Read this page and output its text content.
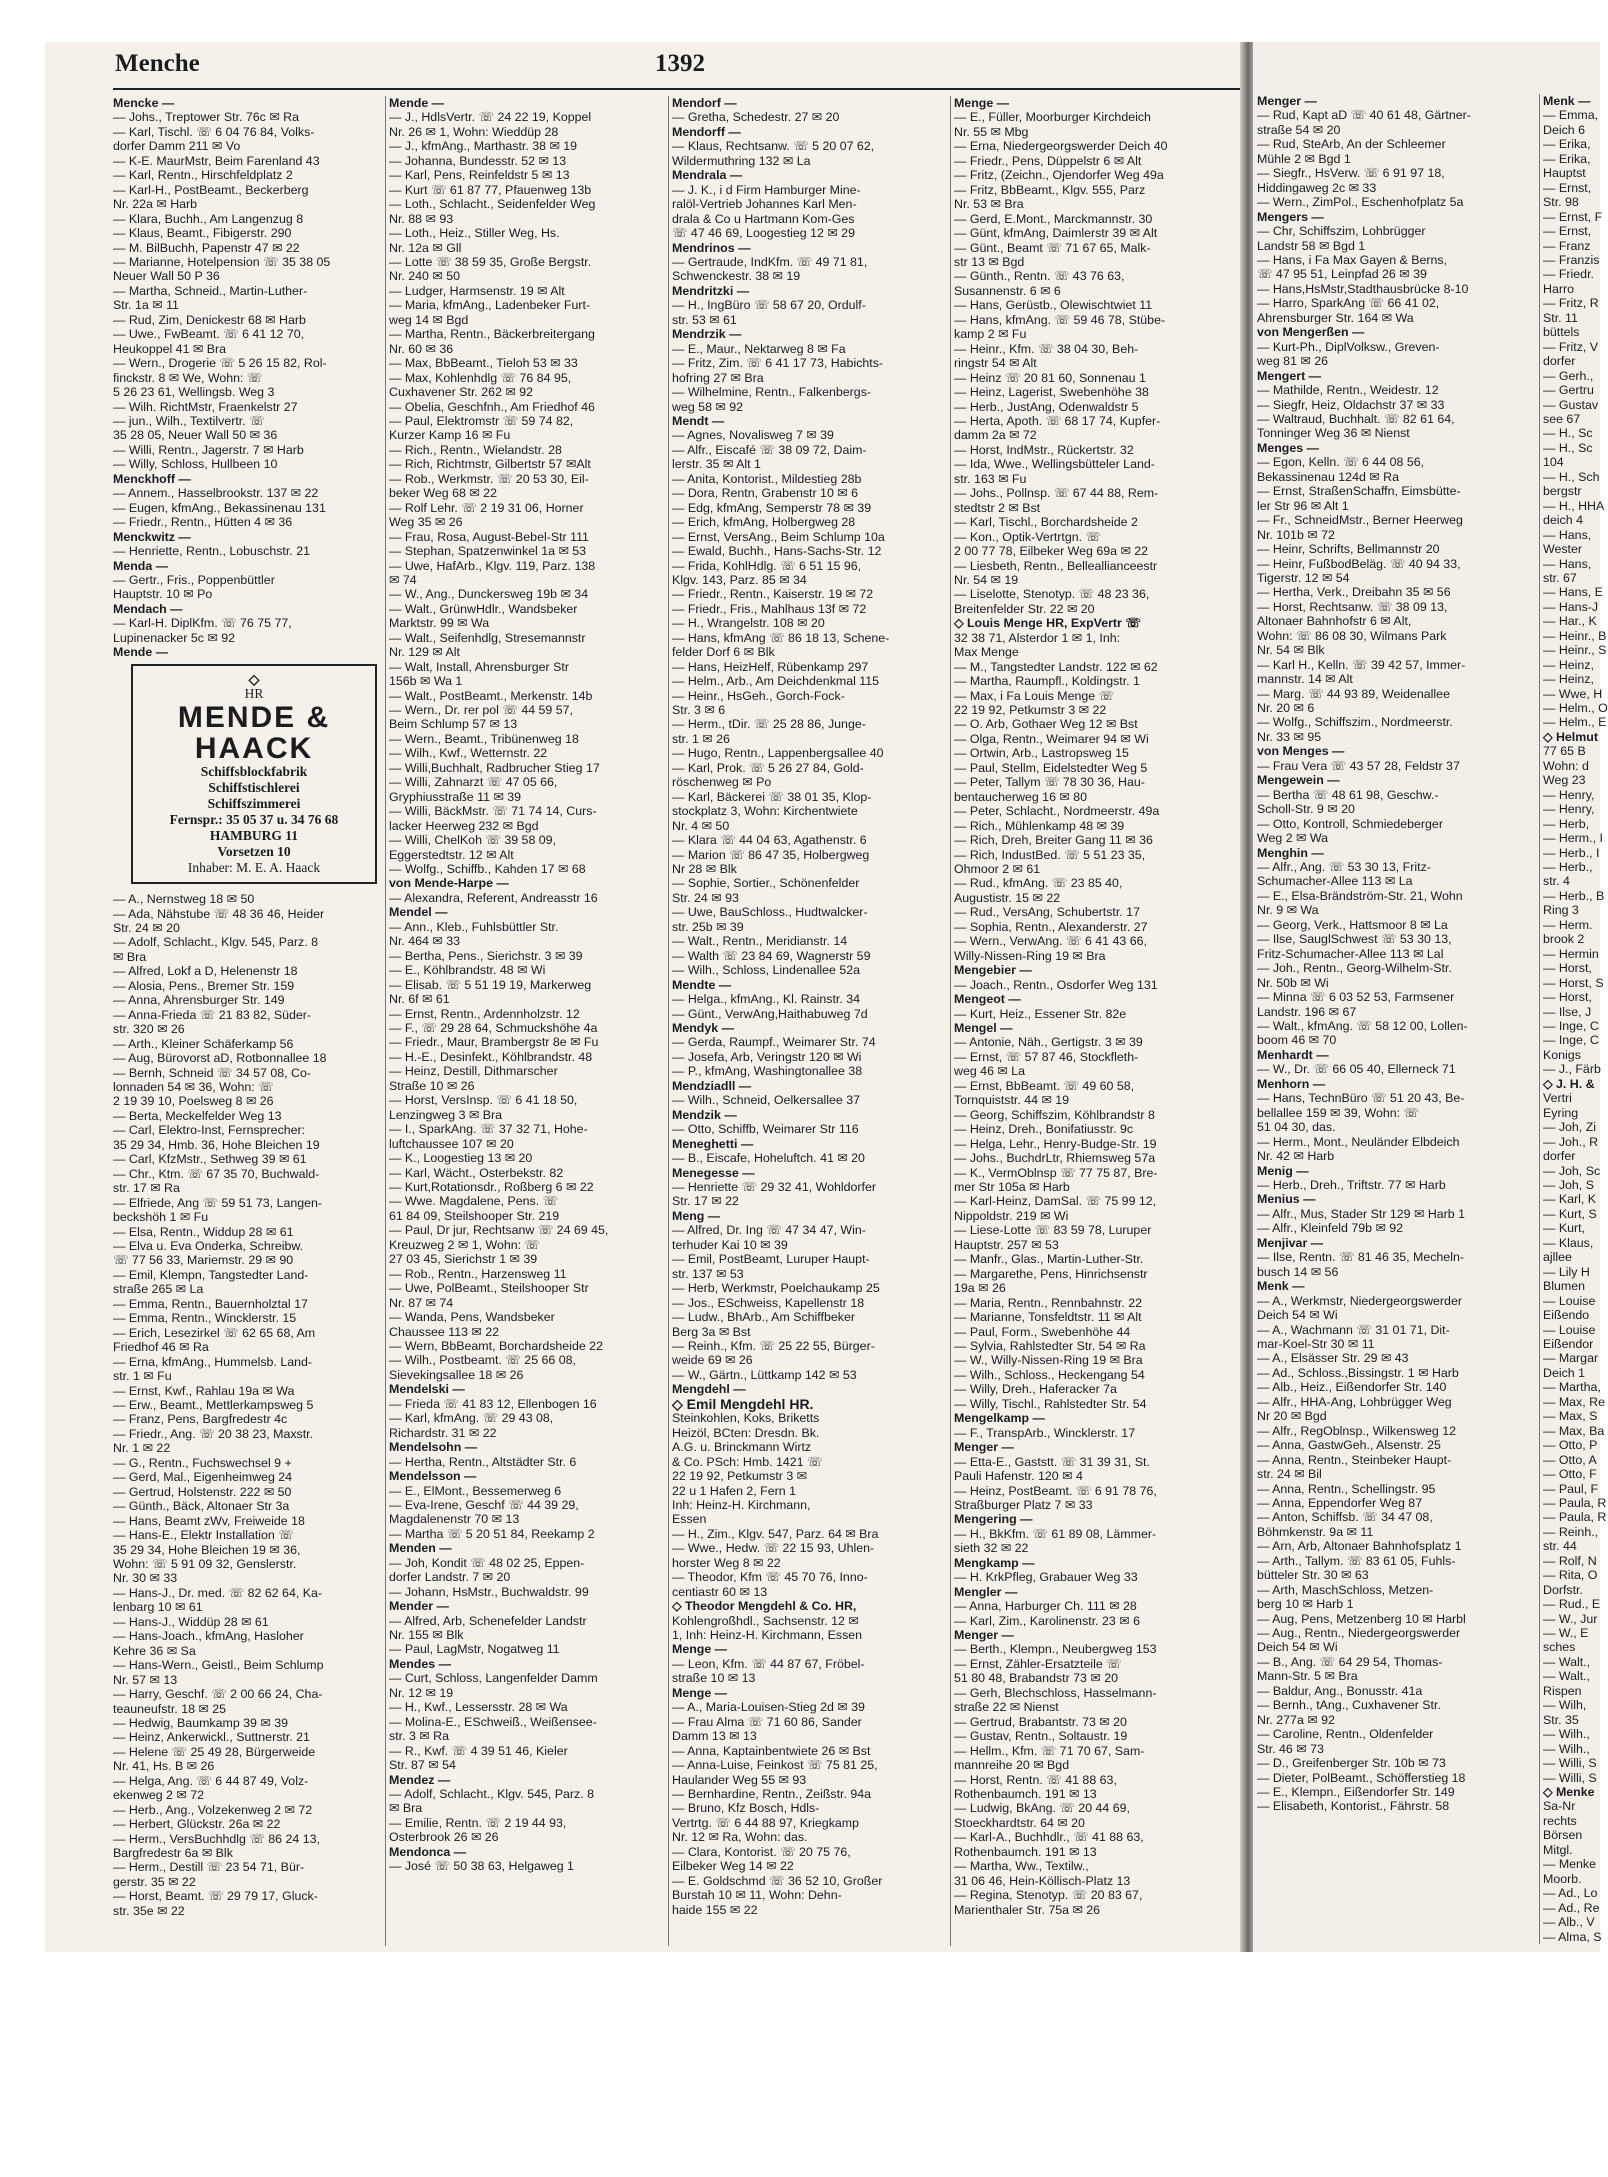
Menche	1392
Mencke —
— Johs., Treptower Str. 76c ✉ Ra
— Karl, Tischl. ☏ 6 04 76 84, Volks-
dorfer Damm 211 ✉ Vo
— K-E. MaurMstr, Beim Farenland 43
— Karl, Rentn., Hirschfeldplatz 2
— Karl-H., PostBeamt., Beckerberg
Nr. 22a ✉ Harb
— Klara, Buchh., Am Langenzug 8
— Klaus, Beamt., Fibigerstr. 290
— M. BilBuchh, Papenstr 47 ✉ 22
— Marianne, Hotelpension ☏ 35 38 05
Neuer Wall 50 P 36
— Martha, Schneid., Martin-Luther-
Str. 1a ✉ 11
— Rud, Zim, Denickestr 68 ✉ Harb
— Uwe., FwBeamt. ☏ 6 41 12 70,
Heukoppel 41 ✉ Bra
— Wern., Drogerie ☏ 5 26 15 82, Rol-
finckstr. 8 ✉ We, Wohn: ☏
5 26 23 61, Wellingsb. Weg 3
— Wilh. RichtMstr, Fraenkelstr 27
— jun., Wilh., Textilvertr. ☏
35 28 05, Neuer Wall 50 ✉ 36
— Willi, Rentn., Jagerstr. 7 ✉ Harb
— Willy, Schloss, Hullbeen 10
Menckhoff —
— Annem., Hasselbrookstr. 137 ✉ 22
— Eugen, kfmAng., Bekassinenau 131
— Friedr., Rentn., Hütten 4 ✉ 36
Menckwitz —
— Henriette, Rentn., Lobuschstr. 21
Menda —
— Gertr., Fris., Poppenbüttler
Hauptstr. 10 ✉ Po
Mendach —
— Karl-H. DiplKfm. ☏ 76 75 77,
Lupinenacker 5c ✉ 92
Mende —
◇
HR
MENDE &
HAACK
Schiffsblockfabrik
Schiffstischlerei
Schiffszimmerei
Fernspr.: 35 05 37 u. 34 76 68
HAMBURG 11
Vorsetzen 10
Inhaber: M. E. A. Haack
— A., Nernstweg 18 ✉ 50
— Ada, Nähstube ☏ 48 36 46, Heider
Str. 24 ✉ 20
— Adolf, Schlacht., Klgv. 545, Parz. 8
✉ Bra
— Alfred, Lokf a D, Helenenstr 18
— Alosia, Pens., Bremer Str. 159
— Anna, Ahrensburger Str. 149
— Anna-Frieda ☏ 21 83 82, Süder-
str. 320 ✉ 26
— Arth., Kleiner Schäferkamp 56
— Aug, Bürovorst aD, Rotbonnallee 18
— Bernh, Schneid ☏ 34 57 08, Co-
lonnaden 54 ✉ 36, Wohn: ☏
2 19 39 10, Poelsweg 8 ✉ 26
— Berta, Meckelfelder Weg 13
— Carl, Elektro-Inst, Fernsprecher:
35 29 34, Hmb. 36, Hohe Bleichen 19
— Carl, KfzMstr., Sethweg 39 ✉ 61
— Chr., Ktm. ☏ 67 35 70, Buchwald-
str. 17 ✉ Ra
— Elfriede, Ang ☏ 59 51 73, Langen-
beckshöh 1 ✉ Fu
— Elsa, Rentn., Widdup 28 ✉ 61
— Elva u. Eva Onderka, Schreibw.
☏ 77 56 33, Mariemstr. 29 ✉ 90
— Emil, Klempn, Tangstedter Land-
straße 265 ✉ La
— Emma, Rentn., Bauernholztal 17
— Emma, Rentn., Wincklerstr. 15
— Erich, Lesezirkel ☏ 62 65 68, Am
Friedhof 46 ✉ Ra
— Erna, kfmAng., Hummelsb. Land-
str. 1 ✉ Fu
— Ernst, Kwf., Rahlau 19a ✉ Wa
— Erw., Beamt., Mettlerkampsweg 5
— Franz, Pens, Bargfredestr 4c
— Friedr., Ang. ☏ 20 38 23, Maxstr.
Nr. 1 ✉ 22
— G., Rentn., Fuchswechsel 9 +
— Gerd, Mal., Eigenheimweg 24
— Gertrud, Holstenstr. 222 ✉ 50
— Günth., Bäck, Altonaer Str 3a
— Hans, Beamt zWv, Freiweide 18
— Hans-E., Elektr Installation ☏
35 29 34, Hohe Bleichen 19 ✉ 36,
Wohn: ☏ 5 91 09 32, Genslerstr.
Nr. 30 ✉ 33
— Hans-J., Dr. med. ☏ 82 62 64, Ka-
lenbarg 10 ✉ 61
— Hans-J., Widdüp 28 ✉ 61
— Hans-Joach., kfmAng, Hasloher
Kehre 36 ✉ Sa
— Hans-Wern., Geistl., Beim Schlump
Nr. 57 ✉ 13
— Harry, Geschf. ☏ 2 00 66 24, Cha-
teauneufstr. 18 ✉ 25
— Hedwig, Baumkamp 39 ✉ 39
— Heinz, Ankerwickl., Suttnerstr. 21
— Helene ☏ 25 49 28, Bürgerweide
Nr. 41, Hs. B ✉ 26
— Helga, Ang. ☏ 6 44 87 49, Volz-
ekenweg 2 ✉ 72
— Herb., Ang., Volzekenweg 2 ✉ 72
— Herbert, Glückstr. 26a ✉ 22
— Herm., VersBuchhdlg ☏ 86 24 13,
Bargfredestr 6a ✉ Blk
— Herm., Destill ☏ 23 54 71, Bür-
gerstr. 35 ✉ 22
— Horst, Beamt. ☏ 29 79 17, Gluck-
str. 35e ✉ 22
Mende —
— J., HdlsVertr. ☏ 24 22 19, Koppel
Nr. 26 ✉ 1, Wohn: Wieddüp 28
— J., kfmAng., Marthastr. 38 ✉ 19
— Johanna, Bundesstr. 52 ✉ 13
— Karl, Pens, Reinfeldstr 5 ✉ 13
— Kurt ☏ 61 87 77, Pfauenweg 13b
— Loth., Schlacht., Seidenfelder Weg
Nr. 88 ✉ 93
— Loth., Heiz., Stiller Weg, Hs.
Nr. 12a ✉ Gll
— Lotte ☏ 38 59 35, Große Bergstr.
Nr. 240 ✉ 50
— Ludger, Harmsenstr. 19 ✉ Alt
— Maria, kfmAng., Ladenbeker Furt-
weg 14 ✉ Bgd
— Martha, Rentn., Bäckerbreitergang
Nr. 60 ✉ 36
— Max, BbBeamt., Tieloh 53 ✉ 33
— Max, Kohlenhdlg ☏ 76 84 95,
Cuxhavener Str. 262 ✉ 92
— Obelia, Geschfnh., Am Friedhof 46
— Paul, Elektromstr ☏ 59 74 82,
Kurzer Kamp 16 ✉ Fu
— Rich., Rentn., Wielandstr. 28
— Rich, Richtmstr, Gilbertstr 57 ✉Alt
— Rob., Werkmstr. ☏ 20 53 30, Eil-
beker Weg 68 ✉ 22
— Rolf Lehr. ☏ 2 19 31 06, Horner
Weg 35 ✉ 26
— Frau, Rosa, August-Bebel-Str 111
— Stephan, Spatzenwinkel 1a ✉ 53
— Uwe, HafArb., Klgv. 119, Parz. 138
✉ 74
— W., Ang., Dunckersweg 19b ✉ 34
— Walt., GrünwHdlr., Wandsbeker
Marktstr. 99 ✉ Wa
— Walt., Seifenhdlg, Stresemannstr
Nr. 129 ✉ Alt
— Walt, Install, Ahrensburger Str
156b ✉ Wa 1
— Walt., PostBeamt., Merkenstr. 14b
— Wern., Dr. rer pol ☏ 44 59 57,
Beim Schlump 57 ✉ 13
— Wern., Beamt., Tribünenweg 18
— Wilh., Kwf., Wetternstr. 22
— Willi,Buchhalt, Radbrucher Stieg 17
— Willi, Zahnarzt ☏ 47 05 66,
Gryphiusstraße 11 ✉ 39
— Willi, BäckMstr. ☏ 71 74 14, Curs-
lacker Heerweg 232 ✉ Bgd
— Willi, ChelKoh ☏ 39 58 09,
Eggerstedtstr. 12 ✉ Alt
— Wolfg., Schiffb., Kahden 17 ✉ 68
von Mende-Harpe —
— Alexandra, Referent, Andreasstr 16
Mendel —
— Ann., Kleb., Fuhlsbüttler Str.
Nr. 464 ✉ 33
— Bertha, Pens., Sierichstr. 3 ✉ 39
— E., Köhlbrandstr. 48 ✉ Wi
— Elisab. ☏ 5 51 19 19, Markerweg
Nr. 6f ✉ 61
— Ernst, Rentn., Ardennholzstr. 12
— F., ☏ 29 28 64, Schmuckshöhe 4a
— Friedr., Maur, Brambergstr 8e ✉ Fu
— H.-E., Desinfekt., Köhlbrandstr. 48
— Heinz, Destill, Dithmarscher
Straße 10 ✉ 26
— Horst, VersInsp. ☏ 6 41 18 50,
Lenzingweg 3 ✉ Bra
— I., SparkAng. ☏ 37 32 71, Hohe-
luftchaussee 107 ✉ 20
— K., Loogestieg 13 ✉ 20
— Karl, Wächt., Osterbekstr. 82
— Kurt,Rotationsdr., Roßberg 6 ✉ 22
— Wwe. Magdalene, Pens. ☏
61 84 09, Steilshooper Str. 219
— Paul, Dr jur, Rechtsanw ☏ 24 69 45,
Kreuzweg 2 ✉ 1, Wohn: ☏
27 03 45, Sierichstr 1 ✉ 39
— Rob., Rentn., Harzensweg 11
— Uwe, PolBeamt., Steilshooper Str
Nr. 87 ✉ 74
— Wanda, Pens, Wandsbeker
Chaussee 113 ✉ 22
— Wern, BbBeamt, Borchardsheide 22
— Wilh., Postbeamt. ☏ 25 66 08,
Sievekingsallee 18 ✉ 26
Mendelski —
— Frieda ☏ 41 83 12, Ellenbogen 16
— Karl, kfmAng. ☏ 29 43 08,
Richardstr. 31 ✉ 22
Mendelsohn —
— Hertha, Rentn., Altstädter Str. 6
Mendelsson —
— E., ElMont., Bessemerweg 6
— Eva-Irene, Geschf ☏ 44 39 29,
Magdalenenstr 70 ✉ 13
— Martha ☏ 5 20 51 84, Reekamp 2
Menden —
— Joh, Kondit ☏ 48 02 25, Eppen-
dorfer Landstr. 7 ✉ 20
— Johann, HsMstr., Buchwaldstr. 99
Mender —
— Alfred, Arb, Schenefelder Landstr
Nr. 155 ✉ Blk
— Paul, LagMstr, Nogatweg 11
Mendes —
— Curt, Schloss, Langenfelder Damm
Nr. 12 ✉ 19
— H., Kwf., Lessersstr. 28 ✉ Wa
— Molina-E., ESchweiß., Weißensee-
str. 3 ✉ Ra
— R., Kwf. ☏ 4 39 51 46, Kieler
Str. 87 ✉ 54
Mendez —
— Adolf, Schlacht., Klgv. 545, Parz. 8
✉ Bra
— Emilie, Rentn. ☏ 2 19 44 93,
Osterbrook 26 ✉ 26
Mendonca —
— José ☏ 50 38 63, Helgaweg 1
Mendorf —
— Gretha, Schedestr. 27 ✉ 20
Mendorff —
— Klaus, Rechtsanw. ☏ 5 20 07 62,
Wildermuthring 132 ✉ La
Mendrala —
— J. K., i d Firm Hamburger Mine-
ralöl-Vertrieb Johannes Karl Men-
drala & Co u Hartmann Kom-Ges
☏ 47 46 69, Loogestieg 12 ✉ 29
Mendrinos —
— Gertraude, IndKfm. ☏ 49 71 81,
Schwenckestr. 38 ✉ 19
Mendritzki —
— H., IngBüro ☏ 58 67 20, Ordulf-
str. 53 ✉ 61
Mendrzik —
— E., Maur., Nektarweg 8 ✉ Fa
— Fritz, Zim. ☏ 6 41 17 73, Habichts-
hofring 27 ✉ Bra
— Wilhelmine, Rentn., Falkenbergs-
weg 58 ✉ 92
Mendt —
— Agnes, Novalisweg 7 ✉ 39
— Alfr., Eiscafé ☏ 38 09 72, Daim-
lerstr. 35 ✉ Alt 1
— Anita, Kontorist., Mildestieg 28b
— Dora, Rentn, Grabenstr 10 ✉ 6
— Edg, kfmAng, Semperstr 78 ✉ 39
— Erich, kfmAng, Holbergweg 28
— Ernst, VersAng., Beim Schlump 10a
— Ewald, Buchh., Hans-Sachs-Str. 12
— Frida, KohlHdlg. ☏ 6 51 15 96,
Klgv. 143, Parz. 85 ✉ 34
— Friedr., Rentn., Kaiserstr. 19 ✉ 72
— Friedr., Fris., Mahlhaus 13f ✉ 72
— H., Wrangelstr. 108 ✉ 20
— Hans, kfmAng ☏ 86 18 13, Schene-
felder Dorf 6 ✉ Blk
— Hans, HeizHelf, Rübenkamp 297
— Helm., Arb., Am Deichdenkmal 115
— Heinr., HsGeh., Gorch-Fock-
Str. 3 ✉ 6
— Herm., tDir. ☏ 25 28 86, Junge-
str. 1 ✉ 26
— Hugo, Rentn., Lappenbergsallee 40
— Karl, Prok. ☏ 5 26 27 84, Gold-
röschenweg ✉ Po
— Karl, Bäckerei ☏ 38 01 35, Klop-
stockplatz 3, Wohn: Kirchentwiete
Nr. 4 ✉ 50
— Klara ☏ 44 04 63, Agathenstr. 6
— Marion ☏ 86 47 35, Holbergweg
Nr 28 ✉ Blk
— Sophie, Sortier., Schönenfelder
Str. 24 ✉ 93
— Uwe, BauSchloss., Hudtwalcker-
str. 25b ✉ 39
— Walt., Rentn., Meridianstr. 14
— Walth ☏ 23 84 69, Wagnerstr 59
— Wilh., Schloss, Lindenallee 52a
Mendte —
— Helga., kfmAng., Kl. Rainstr. 34
— Günt., VerwAng,Haithabuweg 7d
Mendyk —
— Gerda, Raumpf., Weimarer Str. 74
— Josefa, Arb, Veringstr 120 ✉ Wi
— P., kfmAng, Washingtonallee 38
Mendziadll —
— Wilh., Schneid, Oelkersallee 37
Mendzik —
— Otto, Schiffb, Weimarer Str 116
Meneghetti —
— B., Eiscafe, Hoheluftch. 41 ✉ 20
Menegesse —
— Henriette ☏ 29 32 41, Wohldorfer
Str. 17 ✉ 22
Meng —
— Alfred, Dr. Ing ☏ 47 34 47, Win-
terhuder Kai 10 ✉ 39
— Emil, PostBeamt, Luruper Haupt-
str. 137 ✉ 53
— Herb, Werkmstr, Poelchaukamp 25
— Jos., ESchweiss, Kapellenstr 18
— Ludw., BhArb., Am Schiffbeker
Berg 3a ✉ Bst
— Reinh., Kfm. ☏ 25 22 55, Bürger-
weide 69 ✉ 26
— W., Gärtn., Lüttkamp 142 ✉ 53
Mengdehl —
◇ Emil Mengdehl HR.
Steinkohlen, Koks, Briketts
Heizöl, BCten: Dresdn. Bk.
A.G. u. Brinckmann Wirtz
& Co. PSch: Hmb. 1421 ☏
22 19 92, Petkumstr 3 ✉
22 u 1 Hafen 2, Fern 1
Inh: Heinz-H. Kirchmann,
Essen
— H., Zim., Klgv. 547, Parz. 64 ✉ Bra
— Wwe., Hedw. ☏ 22 15 93, Uhlen-
horster Weg 8 ✉ 22
— Theodor, Kfm ☏ 45 70 76, Inno-
centiastr 60 ✉ 13
◇ Theodor Mengdehl & Co. HR,
Kohlengroßhdl., Sachsenstr. 12 ✉
1, Inh: Heinz-H. Kirchmann, Essen
Menge —
— Leon, Kfm. ☏ 44 87 67, Fröbel-
straße 10 ✉ 13
Menge —
— A., Maria-Louisen-Stieg 2d ✉ 39
— Frau Alma ☏ 71 60 86, Sander
Damm 13 ✉ 13
— Anna, Kaptainbentwiete 26 ✉ Bst
— Anna-Luise, Feinkost ☏ 75 81 25,
Haulander Weg 55 ✉ 93
— Bernhardine, Rentn., Zeißstr. 94a
— Bruno, Kfz Bosch, Hdls-
Vertrtg. ☏ 6 44 88 97, Kriegkamp
Nr. 12 ✉ Ra, Wohn: das.
— Clara, Kontorist. ☏ 20 75 76,
Eilbeker Weg 14 ✉ 22
— E. Goldschmd ☏ 36 52 10, Großer
Burstah 10 ✉ 11, Wohn: Dehn-
haide 155 ✉ 22
Menge —
— E., Füller, Moorburger Kirchdeich
Nr. 55 ✉ Mbg
— Erna, Niedergeorgswerder Deich 40
— Friedr., Pens, Düppelstr 6 ✉ Alt
— Fritz, (Zeichn., Ojendorfer Weg 49a
— Fritz, BbBeamt., Klgv. 555, Parz
Nr. 53 ✉ Bra
— Gerd, E.Mont., Marckmannstr. 30
— Günt, kfmAng, Daimlerstr 39 ✉ Alt
— Günt., Beamt ☏ 71 67 65, Malk-
str 13 ✉ Bgd
— Günth., Rentn. ☏ 43 76 63,
Susannenstr. 6 ✉ 6
— Hans, Gerüstb., Olewischtwiet 11
— Hans, kfmAng. ☏ 59 46 78, Stübe-
kamp 2 ✉ Fu
— Heinr., Kfm. ☏ 38 04 30, Beh-
ringstr 54 ✉ Alt
— Heinz ☏ 20 81 60, Sonnenau 1
— Heinz, Lagerist, Swebenhöhe 38
— Herb., JustAng, Odenwaldstr 5
— Herta, Apoth. ☏ 68 17 74, Kupfer-
damm 2a ✉ 72
— Horst, IndMstr., Rückertstr. 32
— Ida, Wwe., Wellingsbütteler Land-
str. 163 ✉ Fu
— Johs., Pollnsp. ☏ 67 44 88, Rem-
stedtstr 2 ✉ Bst
— Karl, Tischl., Borchardsheide 2
— Kon., Optik-Vertrtgn. ☏
2 00 77 78, Eilbeker Weg 69a ✉ 22
— Liesbeth, Rentn., Belleallianceestr
Nr. 54 ✉ 19
— Liselotte, Stenotyp. ☏ 48 23 36,
Breitenfelder Str. 22 ✉ 20
◇ Louis Menge HR, ExpVertr ☏
32 38 71, Alsterdor 1 ✉ 1, Inh:
Max Menge
— M., Tangstedter Landstr. 122 ✉ 62
— Martha, Raumpfl., Koldingstr. 1
— Max, i Fa Louis Menge ☏
22 19 92, Petkumstr 3 ✉ 22
— O. Arb, Gothaer Weg 12 ✉ Bst
— Olga, Rentn., Weimarer 94 ✉ Wi
— Ortwin, Arb., Lastropsweg 15
— Paul, Stellm, Eidelstedter Weg 5
— Peter, Tallym ☏ 78 30 36, Hau-
bentaucherweg 16 ✉ 80
— Peter, Schlacht., Nordmeerstr. 49a
— Rich., Mühlenkamp 48 ✉ 39
— Rich, Dreh, Breiter Gang 11 ✉ 36
— Rich, IndustBed. ☏ 5 51 23 35,
Ohmoor 2 ✉ 61
— Rud., kfmAng. ☏ 23 85 40,
Augustistr. 15 ✉ 22
— Rud., VersAng, Schubertstr. 17
— Sophia, Rentn., Alexanderstr. 27
— Wern., VerwAng. ☏ 6 41 43 66,
Willy-Nissen-Ring 19 ✉ Bra
Mengebier —
— Joach., Rentn., Osdorfer Weg 131
Mengeot —
— Kurt, Heiz., Essener Str. 82e
Mengel —
— Antonie, Näh., Gertigstr. 3 ✉ 39
— Ernst, ☏ 57 87 46, Stockfleth-
weg 46 ✉ La
— Ernst, BbBeamt. ☏ 49 60 58,
Tornquiststr. 44 ✉ 19
— Georg, Schiffszim, Köhlbrandstr 8
— Heinz, Dreh., Bonifatiusstr. 9c
— Helga, Lehr., Henry-Budge-Str. 19
— Johs., BuchdrLtr, Rhiemsweg 57a
— K., VermOblnsp ☏ 77 75 87, Bre-
mer Str 105a ✉ Harb
— Karl-Heinz, DamSal. ☏ 75 99 12,
Nippoldstr. 219 ✉ Wi
— Liese-Lotte ☏ 83 59 78, Luruper
Hauptstr. 257 ✉ 53
— Manfr., Glas., Martin-Luther-Str.
— Margarethe, Pens, Hinrichsenstr
19a ✉ 26
— Maria, Rentn., Rennbahnstr. 22
— Marianne, Tonsfeldtstr. 11 ✉ Alt
— Paul, Form., Swebenhöhe 44
— Sylvia, Rahlstedter Str. 54 ✉ Ra
— W., Willy-Nissen-Ring 19 ✉ Bra
— Wilh., Schloss., Heckengang 54
— Willy, Dreh., Haferacker 7a
— Willy, Tischl., Rahlstedter Str. 54
Mengelkamp —
— F., TranspArb., Wincklerstr. 17
Menger —
— Etta-E., Gaststt. ☏ 31 39 31, St.
Pauli Hafenstr. 120 ✉ 4
— Heinz, PostBeamt. ☏ 6 91 78 76,
Straßburger Platz 7 ✉ 33
Mengering —
— H., BkKfm. ☏ 61 89 08, Lämmer-
sieth 32 ✉ 22
Mengkamp —
— H. KrkPfleg, Grabauer Weg 33
Mengler —
— Anna, Harburger Ch. 111 ✉ 28
— Karl, Zim., Karolinenstr. 23 ✉ 6
Menger —
— Berth., Klempn., Neubergweg 153
— Ernst, Zähler-Ersatzteile ☏
51 80 48, Brabandstr 73 ✉ 20
— Gerh, Blechschloss, Hasselmann-
straße 22 ✉ Nienst
— Gertrud, Brabantstr. 73 ✉ 20
— Gustav, Rentn., Soltaustr. 19
— Hellm., Kfm. ☏ 71 70 67, Sam-
mannreihe 20 ✉ Bgd
— Horst, Rentn. ☏ 41 88 63,
Rothenbaumch. 191 ✉ 13
— Ludwig, BkAng. ☏ 20 44 69,
Stoeckhardtstr. 64 ✉ 20
— Karl-A., Buchhdlr., ☏ 41 88 63,
Rothenbaumch. 191 ✉ 13
— Martha, Ww., Textilw.,
31 06 46, Hein-Köllisch-Platz 13
— Regina, Stenotyp. ☏ 20 83 67,
Marienthaler Str. 75a ✉ 26
Menger —
— Rud, Kapt aD ☏ 40 61 48, Gärtner-
straße 54 ✉ 20
— Rud, SteArb, An der Schleemer
Mühle 2 ✉ Bgd 1
— Siegfr., HsVerw. ☏ 6 91 97 18,
Hiddingaweg 2c ✉ 33
— Wern., ZimPol., Eschenhofplatz 5a
Mengers —
— Chr, Schiffszim, Lohbrügger
Landstr 58 ✉ Bgd 1
— Hans, i Fa Max Gayen & Berns,
☏ 47 95 51, Leinpfad 26 ✉ 39
— Hans,HsMstr,Stadthausbrücke 8-10
— Harro, SparkAng ☏ 66 41 02,
Ahrensburger Str. 164 ✉ Wa
von Mengerßen —
— Kurt-Ph., DiplVolksw., Greven-
weg 81 ✉ 26
Mengert —
— Mathilde, Rentn., Weidestr. 12
— Siegfr, Heiz, Oldachstr 37 ✉ 33
— Waltraud, Buchhalt. ☏ 82 61 64,
Tonninger Weg 36 ✉ Nienst
Menges —
— Egon, Kelln. ☏ 6 44 08 56,
Bekassinenau 124d ✉ Ra
— Ernst, StraßenSchaffn, Eimsbütte-
ler Str 96 ✉ Alt 1
— Fr., SchneidMstr., Berner Heerweg
Nr. 101b ✉ 72
— Heinr, Schrifts, Bellmannstr 20
— Heinr, FußbodBeläg. ☏ 40 94 33,
Tigerstr. 12 ✉ 54
— Hertha, Verk., Dreibahn 35 ✉ 56
— Horst, Rechtsanw. ☏ 38 09 13,
Altonaer Bahnhofstr 6 ✉ Alt,
Wohn: ☏ 86 08 30, Wilmans Park
Nr. 54 ✉ Blk
— Karl H., Kelln. ☏ 39 42 57, Immer-
mannstr. 14 ✉ Alt
— Marg. ☏ 44 93 89, Weidenallee
Nr. 20 ✉ 6
— Wolfg., Schiffszim., Nordmeerstr.
Nr. 33 ✉ 95
von Menges —
— Frau Vera ☏ 43 57 28, Feldstr 37
Mengewein —
— Bertha ☏ 48 61 98, Geschw.-
Scholl-Str. 9 ✉ 20
— Otto, Kontroll, Schmiedeberger
Weg 2 ✉ Wa
Menghin —
— Alfr., Ang. ☏ 53 30 13, Fritz-
Schumacher-Allee 113 ✉ La
— E., Elsa-Brändström-Str. 21, Wohn
Nr. 9 ✉ Wa
— Georg, Verk., Hattsmoor 8 ✉ La
— Ilse, SauglSchwest ☏ 53 30 13,
Fritz-Schumacher-Allee 113 ✉ Lal
— Joh., Rentn., Georg-Wilhelm-Str.
Nr. 50b ✉ Wi
— Minna ☏ 6 03 52 53, Farmsener
Landstr. 196 ✉ 67
— Walt., kfmAng. ☏ 58 12 00, Lollen-
boom 46 ✉ 70
Menhardt —
— W., Dr. ☏ 66 05 40, Ellerneck 71
Menhorn —
— Hans, TechnBüro ☏ 51 20 43, Be-
bellallee 159 ✉ 39, Wohn: ☏
51 04 30, das.
— Herm., Mont., Neuländer Elbdeich
Nr. 42 ✉ Harb
Menig —
— Herb., Dreh., Triftstr. 77 ✉ Harb
Menius —
— Alfr., Mus, Stader Str 129 ✉ Harb 1
— Alfr., Kleinfeld 79b ✉ 92
Menjivar —
— Ilse, Rentn. ☏ 81 46 35, Mecheln-
busch 14 ✉ 56
Menk —
— A., Werkmstr, Niedergeorgswerder
Deich 54 ✉ Wi
— A., Wachmann ☏ 31 01 71, Dit-
mar-Koel-Str 30 ✉ 11
— A., Elsässer Str. 29 ✉ 43
— Ad., Schloss.,Bissingstr. 1 ✉ Harb
— Alb., Heiz., Eißendorfer Str. 140
— Alfr., HHA-Ang, Lohbrügger Weg
Nr 20 ✉ Bgd
— Alfr., RegOblnsp., Wilkensweg 12
— Anna, GastwGeh., Alsenstr. 25
— Anna, Rentn., Steinbeker Haupt-
str. 24 ✉ Bil
— Anna, Rentn., Schellingstr. 95
— Anna, Eppendorfer Weg 87
— Anton, Schiffsb. ☏ 34 47 08,
Böhmkenstr. 9a ✉ 11
— Arn, Arb, Altonaer Bahnhofsplatz 1
— Arth., Tallym. ☏ 83 61 05, Fuhls-
bütteler Str. 30 ✉ 63
— Arth, MaschSchloss, Metzen-
berg 10 ✉ Harb 1
— Aug, Pens, Metzenberg 10 ✉ Harbl
— Aug., Rentn., Niedergeorgswerder
Deich 54 ✉ Wi
— B., Ang. ☏ 64 29 54, Thomas-
Mann-Str. 5 ✉ Bra
— Baldur, Ang., Bonusstr. 41a
— Bernh., tAng., Cuxhavener Str.
Nr. 277a ✉ 92
— Caroline, Rentn., Oldenfelder
Str. 46 ✉ 73
— D., Greifenberger Str. 10b ✉ 73
— Dieter, PolBeamt., Schöfferstieg 18
— E., Klempn., Eißendorfer Str. 149
— Elisabeth, Kontorist., Fährstr. 58
Menk —
— Emma,
Deich 6
— Erika,
— Erika,
Hauptst
— Ernst,
Str. 98
— Ernst, F
— Ernst,
— Franz
— Franzis
— Friedr.
Harro
— Fritz, R
Str. 11
büttels
— Fritz, V
dorfer
— Gerh.,
— Gertru
— Gustav
see 67
— H., Sc
— H., Sc
104
— H., Sch
bergstr
— H., HHA
deich 4
— Hans,
Wester
— Hans,
str. 67
— Hans, E
— Hans-J
— Har., K
— Heinr., B
— Heinr., S
— Heinz,
— Heinz,
— Wwe, H
— Helm., O
— Helm., E
◇ Helmut
77 65 B
Wohn: d
Weg 23
— Henry,
— Henry,
— Herb,
— Herm., I
— Herb., I
— Herb.,
str. 4
— Herb., B
Ring 3
— Herm.
brook 2
— Hermin
— Horst,
— Horst, S
— Horst,
— Ilse, J
— Inge, C
— Inge, C
Konigs
— J., Färb
◇ J. H. &
Vertri
Eyring
— Joh, Zi
— Joh., R
dorfer
— Joh, Sc
— Joh, S
— Karl, K
— Kurt, S
— Kurt,
— Klaus,
ajllee
— Lily H
Blumen
— Louise
Eißendo
— Louise
Eißendor
— Margar
Deich 1
— Martha,
— Max, Re
— Max, S
— Max, Ba
— Otto, P
— Otto, A
— Otto, F
— Paul, F
— Paula, R
— Paula, R
— Reinh.,
str. 44
— Rolf, N
— Rita, O
Dorfstr.
— Rud., E
— W., Jur
— W., E
sches
— Walt.,
— Walt.,
Rispen
— Wilh,
Str. 35
— Wilh.,
— Wilh.,
— Willi, S
— Willi, S
◇ Menke
Sa-Nr
rechts
Börsen
Mitgl.
— Menke
Moorb.
— Ad., Lo
— Ad., Re
— Alb., V
— Alma, S
